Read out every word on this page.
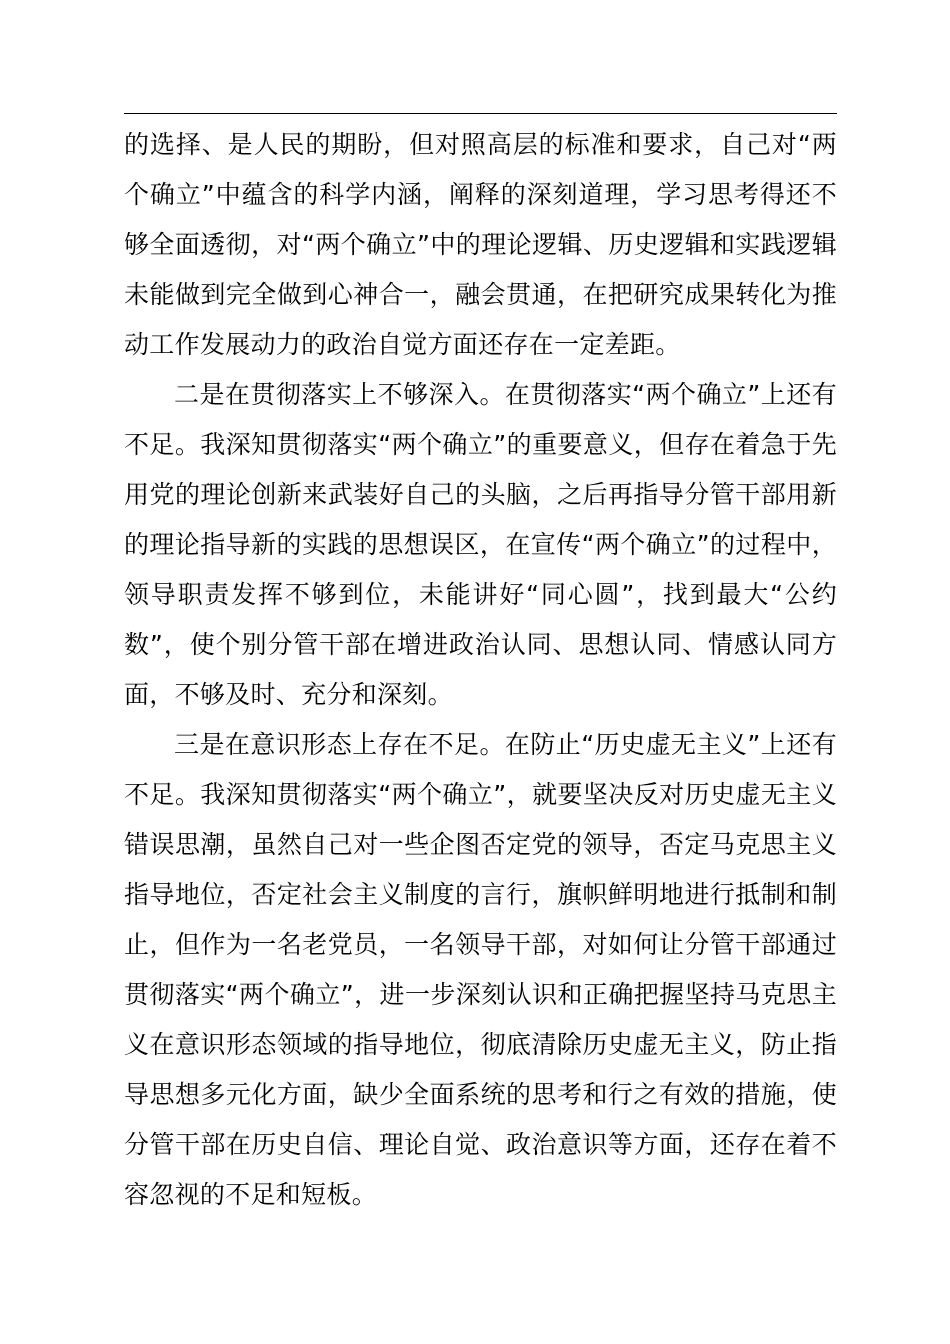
的选择、是人民的期盼，但对照高层的标准和要求，自己对“两个确立”中蕴含的科学内涵，阐释的深刻道理，学习思考得还不够全面透彻，对“两个确立”中的理论逻辑、历史逻辑和实践逻辑未能做到完全做到心神合一，融会贯通，在把研究成果转化为推动工作发展动力的政治自觉方面还存在一定差距。

二是在贯彻落实上不够深入。在贯彻落实“两个确立”上还有不足。我深知贯彻落实“两个确立”的重要意义，但存在着急于先用党的理论创新来武装好自己的头脑，之后再指导分管干部用新的理论指导新的实践的思想误区，在宣传“两个确立”的过程中，领导职责发挥不够到位，未能讲好“同心圆”，找到最大“公约数”，使个别分管干部在增进政治认同、思想认同、情感认同方面，不够及时、充分和深刻。

三是在意识形态上存在不足。在防止“历史虚无主义”上还有不足。我深知贯彻落实“两个确立”，就要坚决反对历史虚无主义错误思潮，虽然自己对一些企图否定党的领导，否定马克思主义指导地位，否定社会主义制度的言行，旗帜鲜明地进行抵制和制止，但作为一名老党员，一名领导干部，对如何让分管干部通过贯彻落实“两个确立”，进一步深刻认识和正确把握坚持马克思主义在意识形态领域的指导地位，彻底清除历史虚无主义，防止指导思想多元化方面，缺少全面系统的思考和行之有效的措施，使分管干部在历史自信、理论自觉、政治意识等方面，还存在着不容忽视的不足和短板。
